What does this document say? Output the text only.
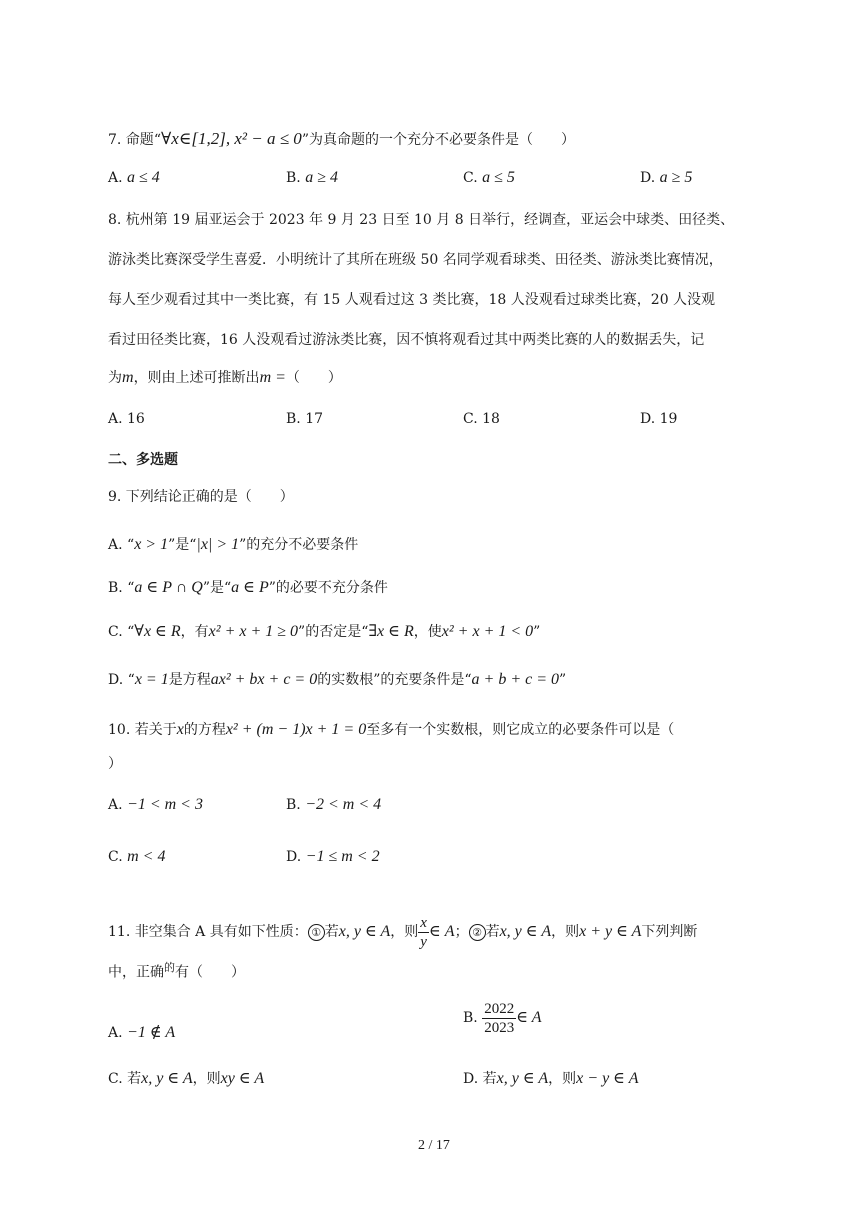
7. 命题“∀x∈[1,2], x² − a ≤ 0”为真命题的一个充分不必要条件是（　　）
A. a ≤ 4	B. a ≥ 4	C. a ≤ 5	D. a ≥ 5
8. 杭州第 19 届亚运会于 2023 年 9 月 23 日至 10 月 8 日举行，经调查，亚运会中球类、田径类、
游泳类比赛深受学生喜爱．小明统计了其所在班级 50 名同学观看球类、田径类、游泳类比赛情况，
每人至少观看过其中一类比赛，有 15 人观看过这 3 类比赛，18 人没观看过球类比赛，20 人没观
看过田径类比赛，16 人没观看过游泳类比赛，因不慎将观看过其中两类比赛的人的数据丢失，记
为m，则由上述可推断出m =（　　）
A. 16	B. 17	C. 18	D. 19
二、多选题
9. 下列结论正确的是（　　）
A. “x > 1”是“|x| > 1”的充分不必要条件
B. “a ∈ P ∩ Q”是“a ∈ P”的必要不充分条件
C. “∀x ∈ R，有x² + x + 1 ≥ 0”的否定是“∃x ∈ R，使x² + x + 1 < 0”
D. “x = 1是方程ax² + bx + c = 0的实数根”的充要条件是“a + b + c = 0”
10. 若关于x的方程x² + (m − 1)x + 1 = 0至多有一个实数根，则它成立的必要条件可以是（
）
A. −1 < m < 3	B. −2 < m < 4
C. m < 4	D. −1 ≤ m < 2
11. 非空集合 A 具有如下性质： ① 若x, y ∈ A，则 $\frac{x}{y}$ ∈ A； ② 若x, y ∈ A，则x + y ∈ A下列判断
中，正确$^的$有（　　）
A. −1 ∉ A
B. $\frac{2022}{2023}$ ∈ A
C. 若x, y ∈ A，则xy ∈ A	D. 若x, y ∈ A，则x − y ∈ A
2 / 17
